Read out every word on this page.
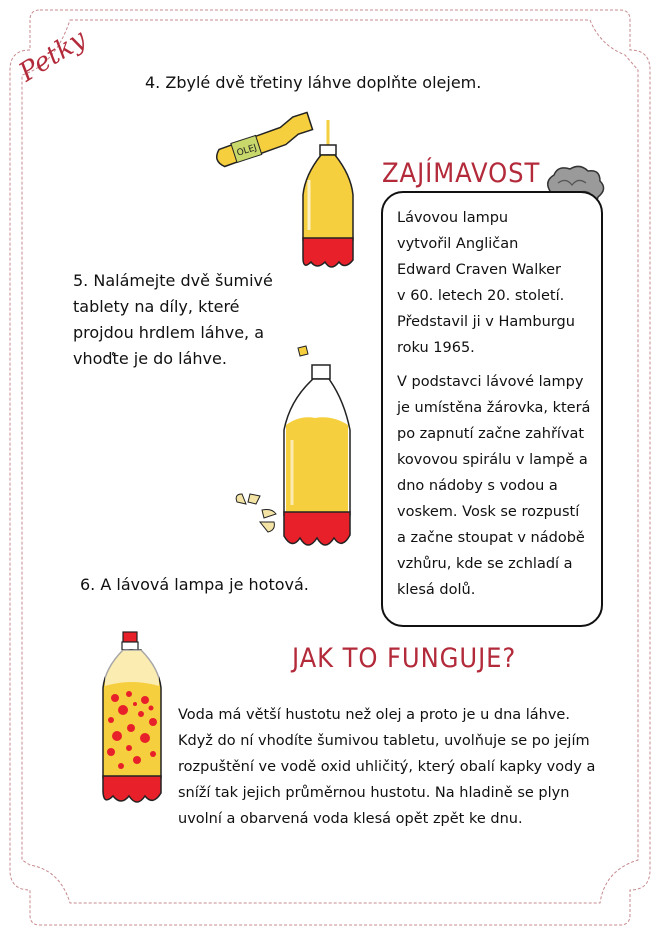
Petky	4. Zbylé dvě třetiny láhve doplňte olejem.
OLEJ
5. Nalámejte dvě šumivé
tablety na díly, které
projdou hrdlem láhve, a
vhoďte je do láhve.
6. A lávová lampa je hotová.
ZAJÍMAVOST
Lávovou lampu
vytvořil Angličan
Edward Craven Walker
v 60. letech 20. století.
Představil ji v Hamburgu
roku 1965.
V podstavci lávové lampy
je umístěna žárovka, která
po zapnutí začne zahřívat
kovovou spirálu v lampě a
dno nádoby s vodou a
voskem. Vosk se rozpustí
a začne stoupat v nádobě
vzhůru, kde se zchladí a
klesá dolů.
JAK TO FUNGUJE?
Voda má větší hustotu než olej a proto je u dna láhve.
Když do ní vhodíte šumivou tabletu, uvolňuje se po jejím
rozpuštění ve vodě oxid uhličitý, který obalí kapky vody a
sníží tak jejich průměrnou hustotu. Na hladině se plyn
uvolní a obarvená voda klesá opět zpět ke dnu.
